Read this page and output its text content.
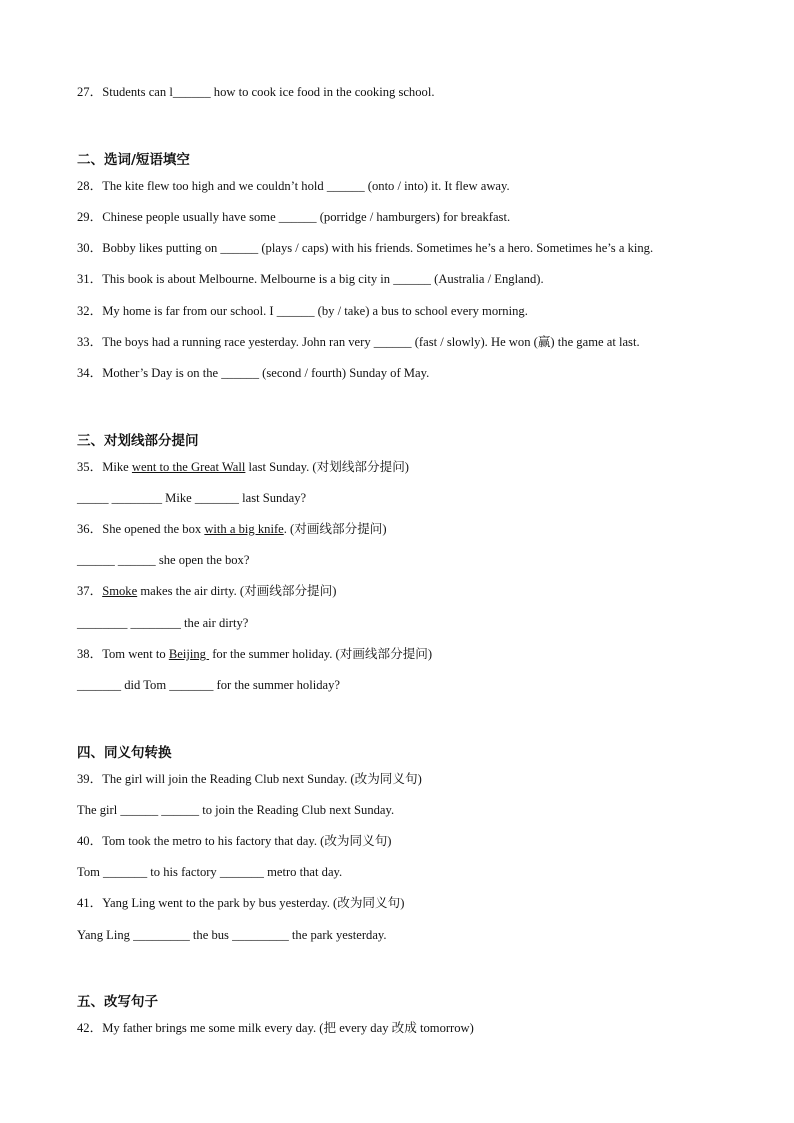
27．Students can l______ how to cook ice food in the cooking school.
二、选词/短语填空
28．The kite flew too high and we couldn’t hold ______ (onto / into) it. It flew away.
29．Chinese people usually have some ______ (porridge / hamburgers) for breakfast.
30．Bobby likes putting on ______ (plays / caps) with his friends. Sometimes he’s a hero. Sometimes he’s a king.
31．This book is about Melbourne. Melbourne is a big city in ______ (Australia / England).
32．My home is far from our school. I ______ (by / take) a bus to school every morning.
33．The boys had a running race yesterday. John ran very ______ (fast / slowly). He won (赢) the game at last.
34．Mother’s Day is on the ______ (second / fourth) Sunday of May.
三、对划线部分提问
35．Mike went to the Great Wall last Sunday. (对划线部分提问)
_____ ________ Mike _______ last Sunday?
36．She opened the box with a big knife. (对画线部分提问)
______ ______ she open the box?
37．Smoke makes the air dirty. (对画线部分提问)
________ ________ the air dirty?
38．Tom went to Beijing  for the summer holiday. (对画线部分提问)
_______ did Tom _______ for the summer holiday?
四、同义句转换
39．The girl will join the Reading Club next Sunday. (改为同义句)
The girl ______ ______ to join the Reading Club next Sunday.
40．Tom took the metro to his factory that day. (改为同义句)
Tom _______ to his factory _______ metro that day.
41．Yang Ling went to the park by bus yesterday. (改为同义句)
Yang Ling _________ the bus _________ the park yesterday.
五、改写句子
42．My father brings me some milk every day. (把 every day 改成 tomorrow)
